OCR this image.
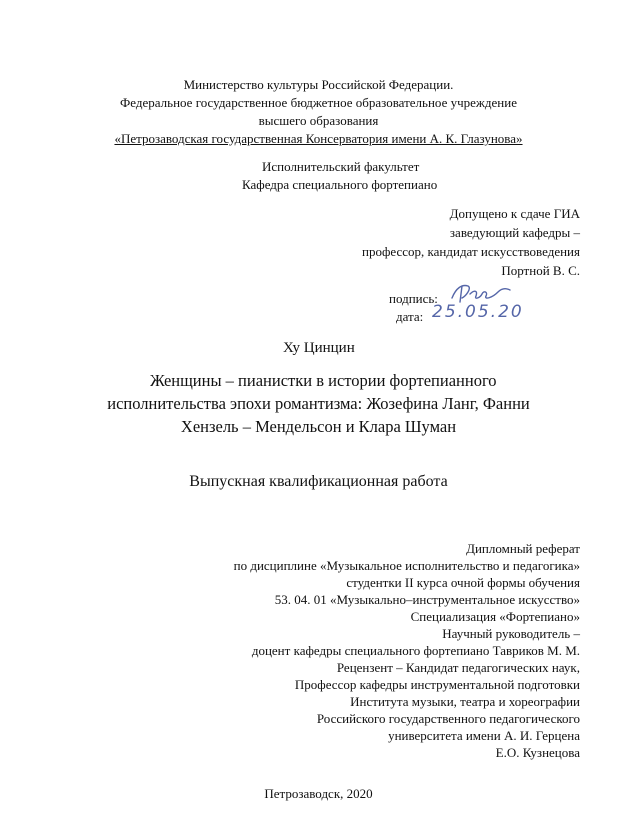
Министерство культуры Российской Федерации.
Федеральное государственное бюджетное образовательное учреждение
высшего образования
«Петрозаводская государственная Консерватория имени А. К. Глазунова»
Исполнительский факультет
Кафедра специального фортепиано
Допущено к сдаче ГИА
заведующий кафедры –
профессор, кандидат искусствоведения
Портной В. С.
подпись:
дата: 25.05.20
Ху Цинцин
Женщины – пианистки в истории фортепианного
исполнительства эпохи романтизма: Жозефина Ланг, Фанни
Хензель – Мендельсон и Клара Шуман
Выпускная квалификационная работа
Дипломный реферат
по дисциплине «Музыкальное исполнительство и педагогика»
студентки II курса очной формы обучения
53. 04. 01 «Музыкально–инструментальное искусство»
Специализация «Фортепиано»
Научный руководитель –
доцент кафедры специального фортепиано Тавриков М. М.
Рецензент – Кандидат педагогических наук,
Профессор кафедры инструментальной подготовки
Института музыки, театра и хореографии
Российского государственного педагогического
университета имени А. И. Герцена
Е.О. Кузнецова
Петрозаводск, 2020
